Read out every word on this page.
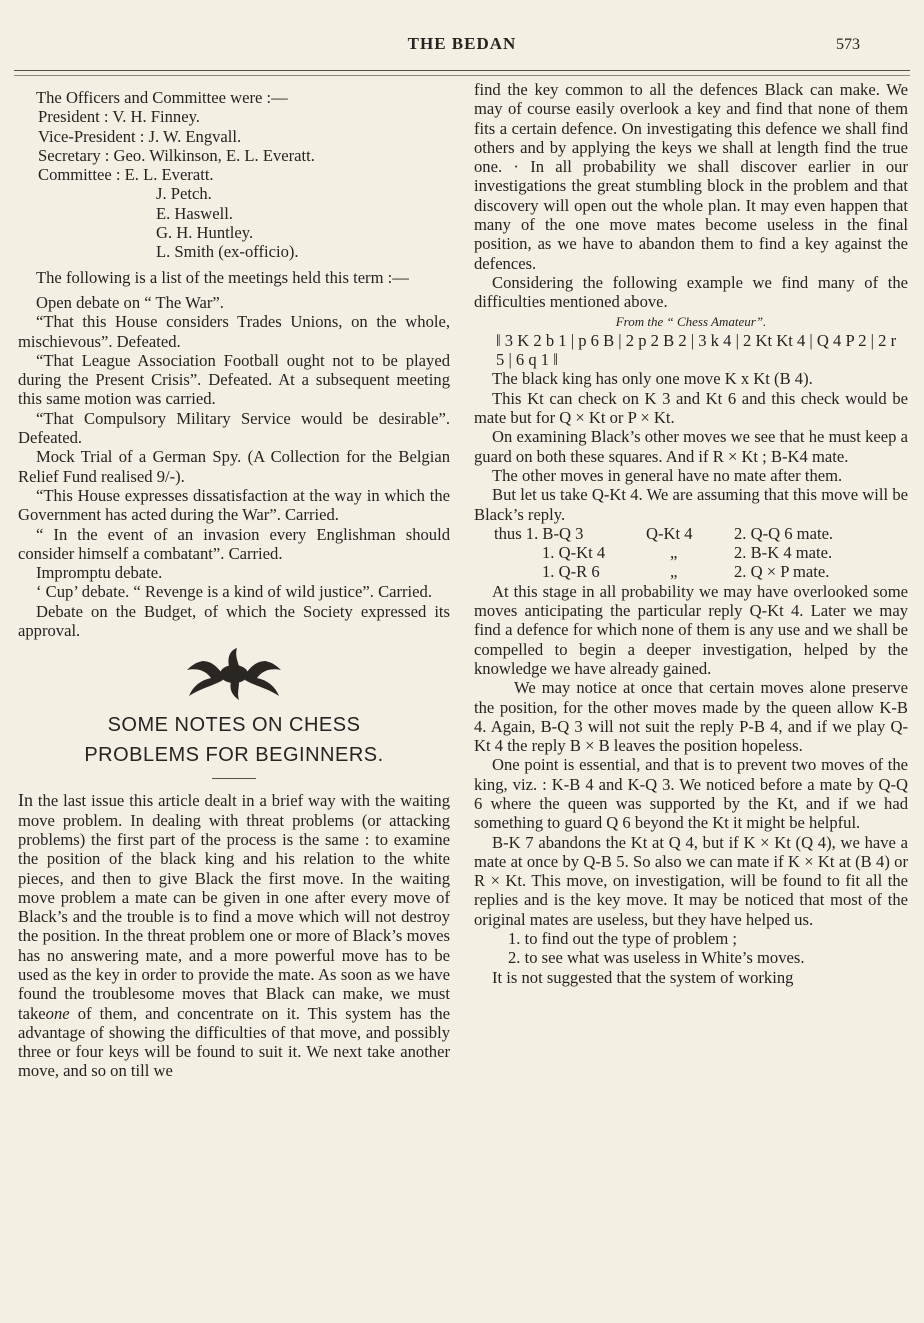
THE BEDAN	573

The Officers and Committee were :—

President : V. H. Finney.

Vice-President : J. W. Engvall.

Secretary : Geo. Wilkinson, E. L. Everatt.

Committee : E. L. Everatt.

J. Petch.

E. Haswell.

G. H. Huntley.

L. Smith (ex-officio).

The following is a list of the meetings held this term :—

Open debate on “ The War”.

“That this House considers Trades Unions, on the whole, mischievous”. Defeated.

“That League Association Football ought not to be played during the Present Crisis”. Defeated. At a subsequent meeting this same motion was carried.

“That Compulsory Military Service would be desirable”. Defeated.

Mock Trial of a German Spy. (A Collection for the Belgian Relief Fund realised 9/-).

“This House expresses dissatisfaction at the way in which the Government has acted during the War”. Carried.

“ In the event of an invasion every Englishman should consider himself a combatant”. Carried.

Impromptu debate.

‘ Cup’ debate. “ Revenge is a kind of wild justice”. Carried.

Debate on the Budget, of which the Society expressed its approval.

SOME NOTES ON CHESS
PROBLEMS FOR BEGINNERS.

In the last issue this article dealt in a brief way with the waiting move problem. In dealing with threat problems (or attacking problems) the first part of the process is the same : to examine the position of the black king and his relation to the white pieces, and then to give Black the first move. In the waiting move problem a mate can be given in one after every move of Black’s and the trouble is to find a move which will not destroy the position. In the threat problem one or more of Black’s moves has no answering mate, and a more powerful move has to be used as the key in order to provide the mate. As soon as we have found the troublesome moves that Black can make, we must takeone of them, and concentrate on it. This system has the advantage of showing the difficulties of that move, and possibly three or four keys will be found to suit it. We next take another move, and so on till we

find the key common to all the defences Black can make. We may of course easily overlook a key and find that none of them fits a certain defence. On investigating this defence we shall find others and by applying the keys we shall at length find the true one. · In all probability we shall discover earlier in our investigations the great stumbling block in the problem and that discovery will open out the whole plan. It may even happen that many of the one move mates become useless in the final position, as we have to abandon them to find a key against the defences.

Considering the following example we find many of the difficulties mentioned above.

From the “ Chess Amateur”.

‖ 3 K 2 b 1 | p 6 B | 2 p 2 B 2 | 3 k 4 | 2 Kt Kt 4 | Q 4 P 2 | 2 r 5 | 6 q 1 ‖

The black king has only one move K x Kt (B 4).

This Kt can check on K 3 and Kt 6 and this check would be mate but for Q × Kt or P × Kt.

On examining Black’s other moves we see that he must keep a guard on both these squares. And if R × Kt ; B-K4 mate.

The other moves in general have no mate after them.

But let us take Q-Kt 4. We are assuming that this move will be Black’s reply.

thus 1. B-Q 3	Q-Kt 4 2. Q-Q 6 mate.
1. Q-Kt 4	„	2. B-K 4 mate.
1. Q-R 6	„	2. Q × P mate.

At this stage in all probability we may have overlooked some moves anticipating the particular reply Q-Kt 4. Later we may find a defence for which none of them is any use and we shall be compelled to begin a deeper investigation, helped by the knowledge we have already gained.

We may notice at once that certain moves alone preserve the position, for the other moves made by the queen allow K-B 4. Again, B-Q 3 will not suit the reply P-B 4, and if we play Q-Kt 4 the reply B × B leaves the position hopeless.

One point is essential, and that is to prevent two moves of the king, viz. : K-B 4 and K-Q 3. We noticed before a mate by Q-Q 6 where the queen was supported by the Kt, and if we had something to guard Q 6 beyond the Kt it might be helpful.

B-K 7 abandons the Kt at Q 4, but if K × Kt (Q 4), we have a mate at once by Q-B 5. So also we can mate if K × Kt at (B 4) or R × Kt. This move, on investigation, will be found to fit all the replies and is the key move. It may be noticed that most of the original mates are useless, but they have helped us.

1. to find out the type of problem ;

2. to see what was useless in White’s moves.

It is not suggested that the system of working
